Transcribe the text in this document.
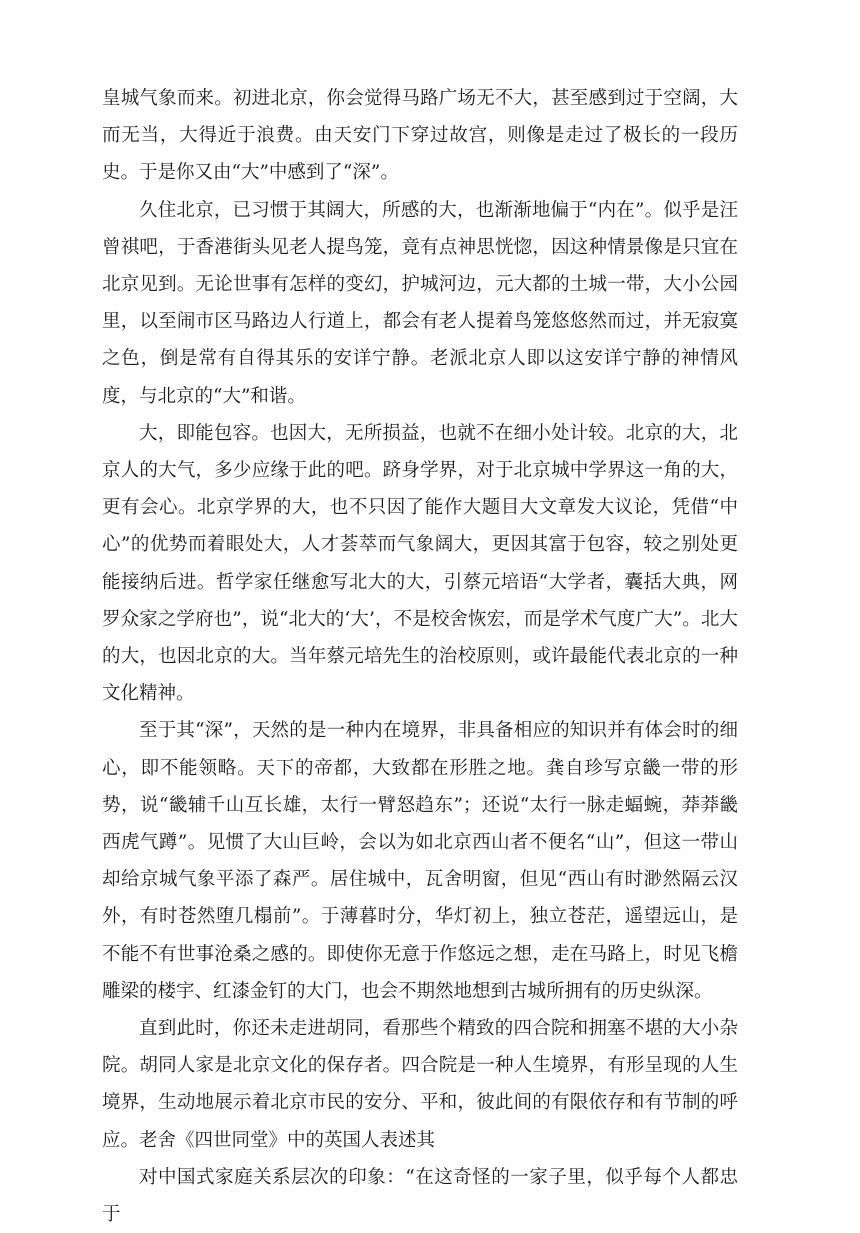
皇城气象而来。初进北京，你会觉得马路广场无不大，甚至感到过于空阔，大而无当，大得近于浪费。由天安门下穿过故宫，则像是走过了极长的一段历史。于是你又由“大”中感到了“深”。

久住北京，已习惯于其阔大，所感的大，也渐渐地偏于“内在”。似乎是汪曾祺吧，于香港街头见老人提鸟笼，竟有点神思恍惚，因这种情景像是只宜在北京见到。无论世事有怎样的变幻，护城河边，元大都的土城一带，大小公园里，以至闹市区马路边人行道上，都会有老人提着鸟笼悠悠然而过，并无寂寞之色，倒是常有自得其乐的安详宁静。老派北京人即以这安详宁静的神情风度，与北京的“大”和谐。

大，即能包容。也因大，无所损益，也就不在细小处计较。北京的大，北京人的大气，多少应缘于此的吧。跻身学界，对于北京城中学界这一角的大，更有会心。北京学界的大，也不只因了能作大题目大文章发大议论，凭借“中心”的优势而着眼处大，人才荟萃而气象阔大，更因其富于包容，较之别处更能接纳后进。哲学家任继愈写北大的大，引蔡元培语“大学者，囊括大典，网罗众家之学府也”，说“北大的‘大’，不是校舍恢宏，而是学术气度广大”。北大的大，也因北京的大。当年蔡元培先生的治校原则，或许最能代表北京的一种文化精神。

至于其“深”，天然的是一种内在境界，非具备相应的知识并有体会时的细心，即不能领略。天下的帝都，大致都在形胜之地。龚自珍写京畿一带的形势，说“畿辅千山互长雄，太行一臂怒趋东”；还说“太行一脉走蝠蜿，莽莽畿西虎气蹲”。见惯了大山巨岭，会以为如北京西山者不便名“山”，但这一带山却给京城气象平添了森严。居住城中，瓦舍明窗，但见“西山有时渺然隔云汉外，有时苍然堕几榻前”。于薄暮时分，华灯初上，独立苍茫，遥望远山，是不能不有世事沧桑之感的。即使你无意于作悠远之想，走在马路上，时见飞檐雕梁的楼宇、红漆金钉的大门，也会不期然地想到古城所拥有的历史纵深。

直到此时，你还未走进胡同，看那些个精致的四合院和拥塞不堪的大小杂院。胡同人家是北京文化的保存者。四合院是一种人生境界，有形呈现的人生境界，生动地展示着北京市民的安分、平和，彼此间的有限依存和有节制的呼应。老舍《四世同堂》中的英国人表述其

对中国式家庭关系层次的印象：“在这奇怪的一家子里，似乎每个人都忠于
